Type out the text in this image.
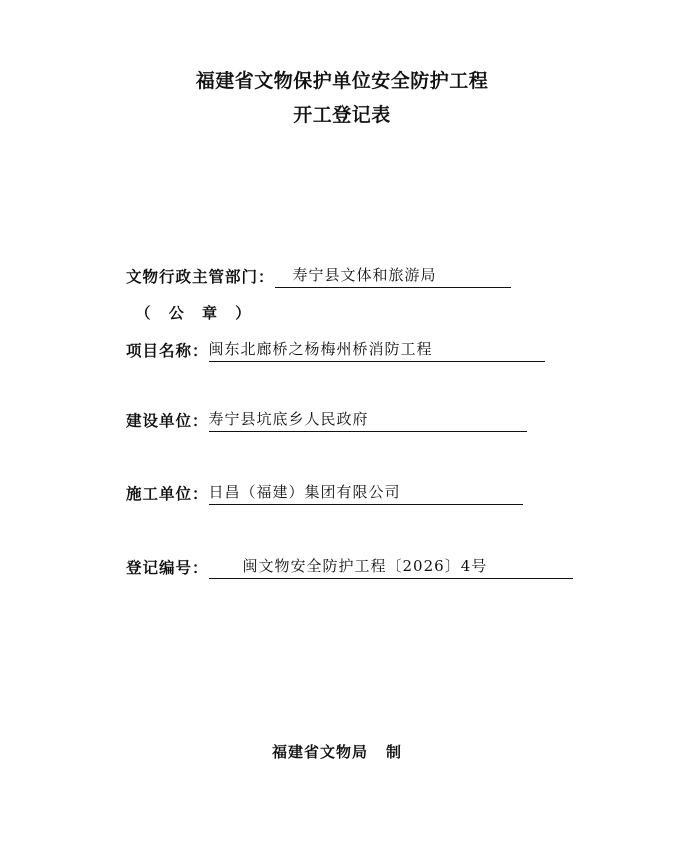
福建省文物保护单位安全防护工程
开工登记表
文物行政主管部门：	寿宁县文体和旅游局
（ 公 章 ）
项目名称： 闽东北廊桥之杨梅州桥消防工程
建设单位： 寿宁县坑底乡人民政府
施工单位： 日昌（福建）集团有限公司
登记编号：	闽文物安全防护工程〔2026〕4号
福建省文物局 制
